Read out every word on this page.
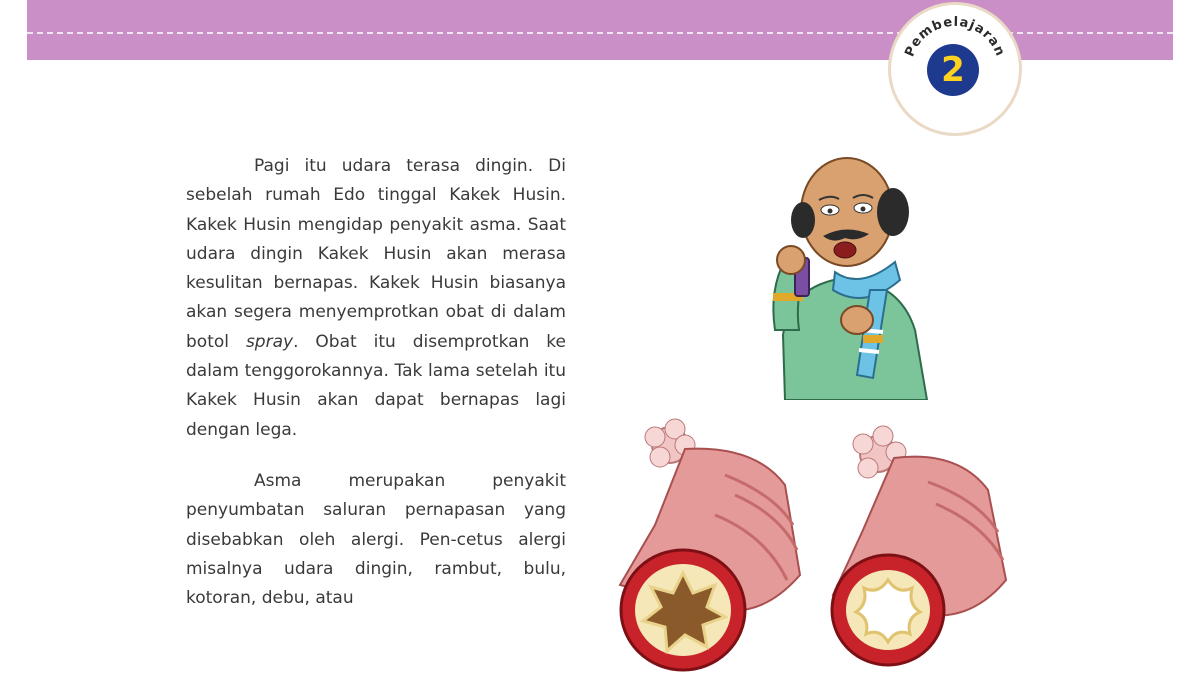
Pembelajaran
2

Pagi itu udara terasa dingin. Di sebelah rumah Edo tinggal Kakek Husin. Kakek Husin mengidap penyakit asma. Saat udara dingin Kakek Husin akan merasa kesulitan bernapas. Kakek Husin biasanya akan segera menyemprotkan obat di dalam botol spray. Obat itu disemprotkan ke dalam tenggorokannya. Tak lama setelah itu Kakek Husin akan dapat bernapas lagi dengan lega.

Asma merupakan penyakit penyumbatan saluran pernapasan yang disebabkan oleh alergi. Pen-cetus alergi misalnya udara dingin, rambut, bulu, kotoran, debu, atau
